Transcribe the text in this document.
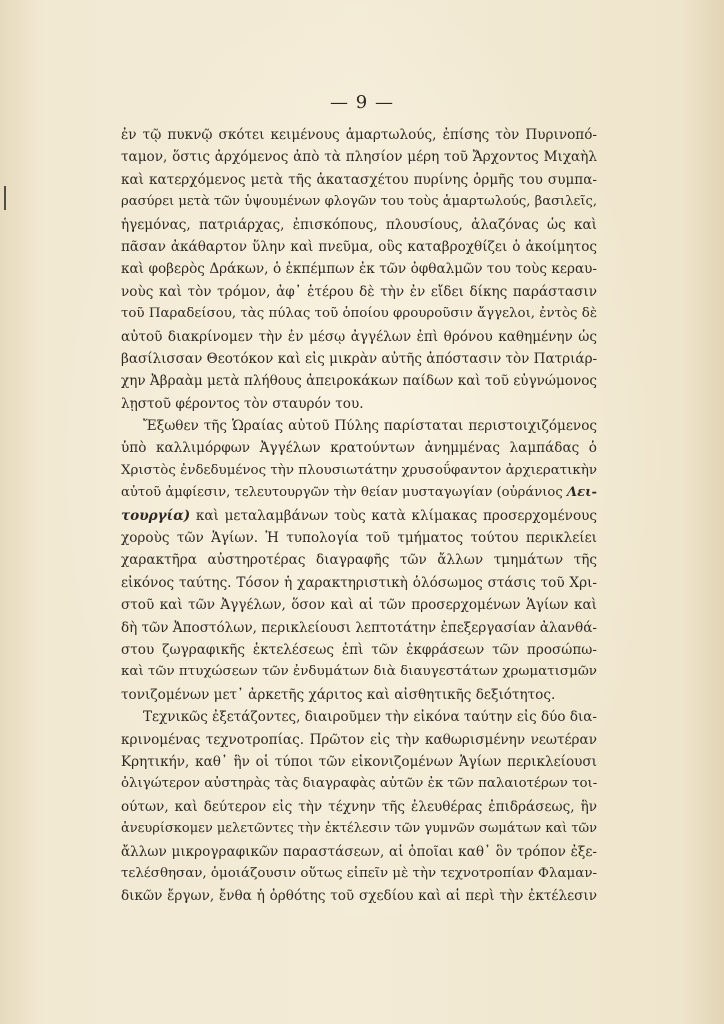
— 9 —
ἐν τῷ πυκνῷ σκότει κειμένους ἁμαρτωλούς, ἐπίσης τὸν Πυρινοπό-
ταμον, ὅστις ἀρχόμενος ἀπὸ τὰ πλησίον μέρη τοῦ Ἄρχοντος Μιχαὴλ
καὶ κατερχόμενος μετὰ τῆς ἀκατασχέτου πυρίνης ὁρμῆς του συμπα-
ρασύρει μετὰ τῶν ὑψουμένων φλογῶν του τοὺς ἁμαρτωλούς, βασιλεῖς,
ἡγεμόνας, πατριάρχας, ἐπισκόπους, πλουσίους, ἀλαζόνας ὡς καὶ
πᾶσαν ἀκάθαρτον ὕλην καὶ πνεῦμα, οὓς καταβροχθίζει ὁ ἀκοίμητος
καὶ φοβερὸς Δράκων, ὁ ἐκπέμπων ἐκ τῶν ὀφθαλμῶν του τοὺς κεραυ-
νοὺς καὶ τὸν τρόμον, ἀφ᾽ ἑτέρου δὲ τὴν ἐν εἴδει δίκης παράστασιν
τοῦ Παραδείσου, τὰς πύλας τοῦ ὁποίου φρουροῦσιν ἄγγελοι, ἐντὸς δὲ
αὐτοῦ διακρίνομεν τὴν ἐν μέσῳ ἀγγέλων ἐπὶ θρόνου καθημένην ὡς
βασίλισσαν Θεοτόκον καὶ εἰς μικρὰν αὐτῆς ἀπόστασιν τὸν Πατριάρ-
χην Ἀβραὰμ μετὰ πλήθους ἀπειροκάκων παίδων καὶ τοῦ εὐγνώμονος
λῃστοῦ φέροντος τὸν σταυρόν του.
Ἔξωθεν τῆς Ὡραίας αὐτοῦ Πύλης παρίσταται περιστοιχιζόμενος
ὑπὸ καλλιμόρφων Ἀγγέλων κρατούντων ἀνημμένας λαμπάδας ὁ
Χριστὸς ἐνδεδυμένος τὴν πλουσιωτάτην χρυσοΰφαντον ἀρχιερατικὴν
αὐτοῦ ἀμφίεσιν, τελευτουργῶν τὴν θείαν μυσταγωγίαν (οὐράνιος Λει-
τουργία) καὶ μεταλαμβάνων τοὺς κατὰ κλίμακας προσερχομένους
χοροὺς τῶν Ἁγίων. Ἡ τυπολογία τοῦ τμήματος τούτου περικλείει
χαρακτῆρα αὐστηροτέρας διαγραφῆς τῶν ἄλλων τμημάτων τῆς
εἰκόνος ταύτης. Τόσον ἡ χαρακτηριστικὴ ὁλόσωμος στάσις τοῦ Χρι-
στοῦ καὶ τῶν Ἀγγέλων, ὅσον καὶ αἱ τῶν προσερχομένων Ἁγίων καὶ
δὴ τῶν Ἀποστόλων, περικλείουσι λεπτοτάτην ἐπεξεργασίαν ἀλανθά-
στου ζωγραφικῆς ἐκτελέσεως ἐπὶ τῶν ἐκφράσεων τῶν προσώπω-
καὶ τῶν πτυχώσεων τῶν ἐνδυμάτων διὰ διαυγεστάτων χρωματισμῶν
τονιζομένων μετ᾽ ἀρκετῆς χάριτος καὶ αἰσθητικῆς δεξιότητος.
Τεχνικῶς ἐξετάζοντες, διαιροῦμεν τὴν εἰκόνα ταύτην εἰς δύο δια-
κρινομένας τεχνοτροπίας. Πρῶτον εἰς τὴν καθωρισμένην νεωτέραν
Κρητικήν, καθ᾽ ἣν οἱ τύποι τῶν εἰκονιζομένων Ἁγίων περικλείουσι
ὀλιγώτερον αὐστηρὰς τὰς διαγραφὰς αὐτῶν ἐκ τῶν παλαιοτέρων τοι-
ούτων, καὶ δεύτερον εἰς τὴν τέχνην τῆς ἐλευθέρας ἐπιδράσεως, ἣν
ἀνευρίσκομεν μελετῶντες τὴν ἐκτέλεσιν τῶν γυμνῶν σωμάτων καὶ τῶν
ἄλλων μικρογραφικῶν παραστάσεων, αἱ ὁποῖαι καθ᾽ ὃν τρόπον ἐξε-
τελέσθησαν, ὁμοιάζουσιν οὕτως εἰπεῖν μὲ τὴν τεχνοτροπίαν Φλαμαν-
δικῶν ἔργων, ἔνθα ἡ ὀρθότης τοῦ σχεδίου καὶ αἱ περὶ τὴν ἐκτέλεσιν
